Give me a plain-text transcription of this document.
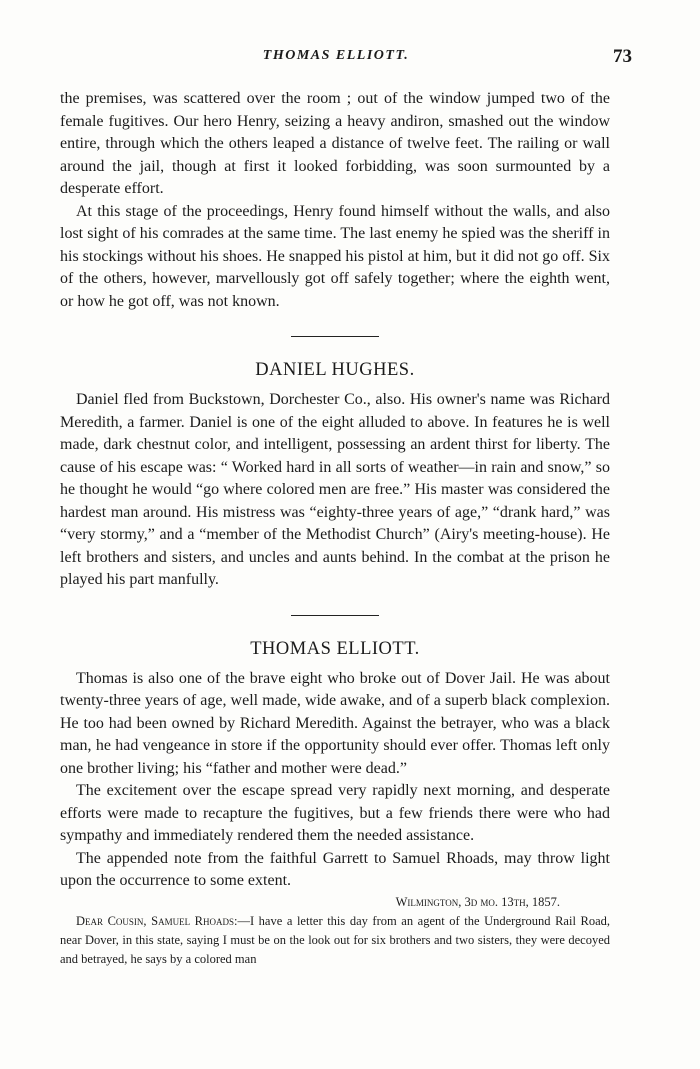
THOMAS ELLIOTT.	73

the premises, was scattered over the room ; out of the window jumped two of the female fugitives. Our hero Henry, seizing a heavy andiron, smashed out the window entire, through which the others leaped a distance of twelve feet. The railing or wall around the jail, though at first it looked forbidding, was soon surmounted by a desperate effort.

At this stage of the proceedings, Henry found himself without the walls, and also lost sight of his comrades at the same time. The last enemy he spied was the sheriff in his stockings without his shoes. He snapped his pistol at him, but it did not go off. Six of the others, however, marvellously got off safely together; where the eighth went, or how he got off, was not known.

DANIEL HUGHES.

Daniel fled from Buckstown, Dorchester Co., also. His owner's name was Richard Meredith, a farmer. Daniel is one of the eight alluded to above. In features he is well made, dark chestnut color, and intelligent, possessing an ardent thirst for liberty. The cause of his escape was: “ Worked hard in all sorts of weather—in rain and snow,” so he thought he would “go where colored men are free.” His master was considered the hardest man around. His mistress was “eighty-three years of age,” “drank hard,” was “very stormy,” and a “member of the Methodist Church” (Airy's meeting-house). He left brothers and sisters, and uncles and aunts behind. In the combat at the prison he played his part manfully.

THOMAS ELLIOTT.

Thomas is also one of the brave eight who broke out of Dover Jail. He was about twenty-three years of age, well made, wide awake, and of a superb black complexion. He too had been owned by Richard Meredith. Against the betrayer, who was a black man, he had vengeance in store if the opportunity should ever offer. Thomas left only one brother living; his “father and mother were dead.”

The excitement over the escape spread very rapidly next morning, and desperate efforts were made to recapture the fugitives, but a few friends there were who had sympathy and immediately rendered them the needed assistance.

The appended note from the faithful Garrett to Samuel Rhoads, may throw light upon the occurrence to some extent.

Wilmington, 3d mo. 13th, 1857.

Dear Cousin, Samuel Rhoads:—I have a letter this day from an agent of the Underground Rail Road, near Dover, in this state, saying I must be on the look out for six brothers and two sisters, they were decoyed and betrayed, he says by a colored man
